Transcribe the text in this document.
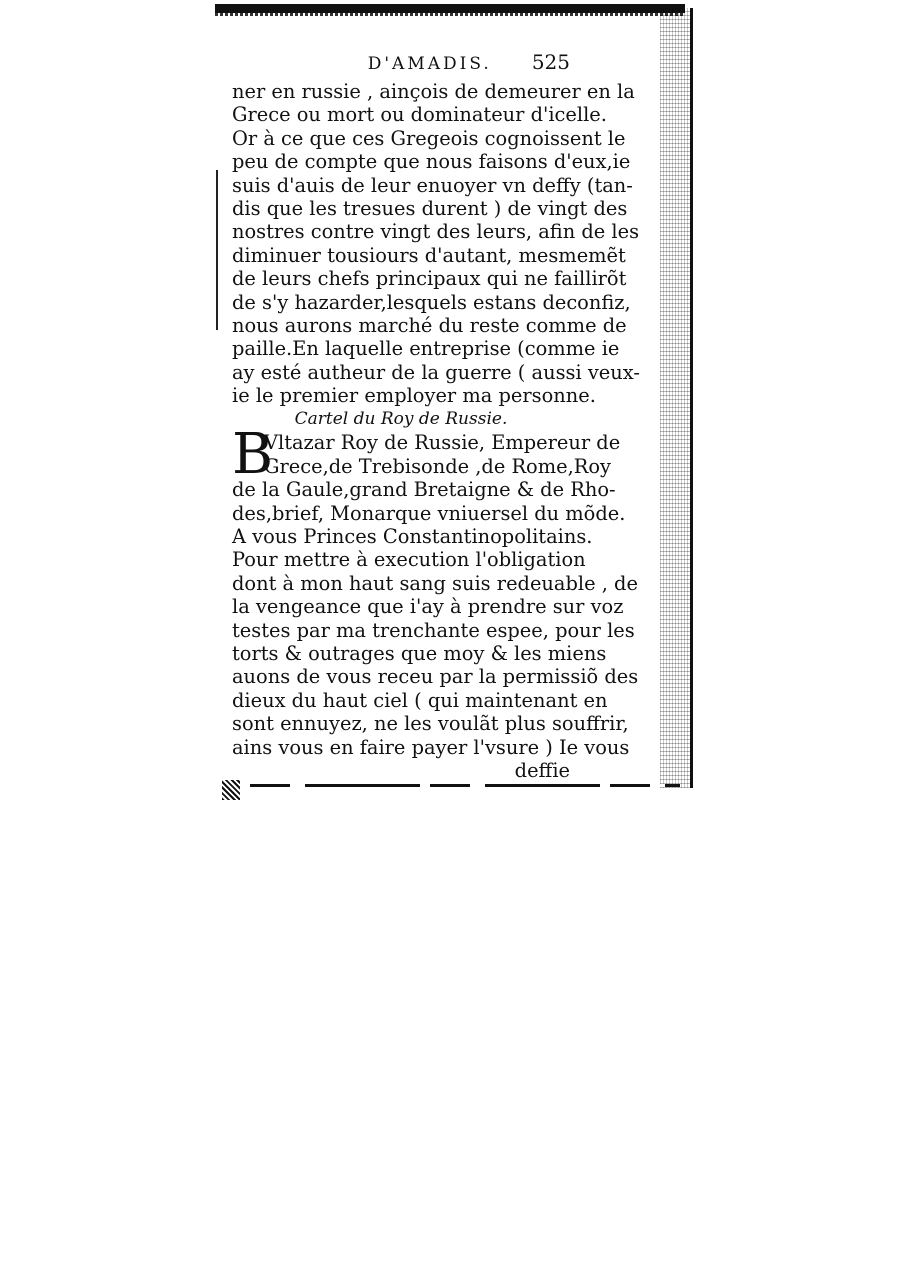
D'AMADIS. 525
ner en russie , ainçois de demeurer en la
Grece ou mort ou dominateur d'icelle.
Or à ce que ces Gregeois cognoissent le
peu de compte que nous faisons d'eux,ie
suis d'auis de leur enuoyer vn deffy (tan-
dis que les tresues durent ) de vingt des
nostres contre vingt des leurs, afin de les
diminuer tousiours d'autant, mesmemẽt
de leurs chefs principaux qui ne faillirõt
de s'y hazarder,lesquels estans deconfiz,
nous aurons marché du reste comme de
paille.En laquelle entreprise (comme ie
ay esté autheur de la guerre ( aussi veux-
ie le premier employer ma personne.
Cartel du Roy de Russie.
B
Vltazar Roy de Russie, Empereur de
Grece,de Trebisonde ,de Rome,Roy
de la Gaule,grand Bretaigne & de Rho-
des,brief, Monarque vniuersel du mõde.
A vous Princes Constantinopolitains.
Pour mettre à execution l'obligation
dont à mon haut sang suis redeuable , de
la vengeance que i'ay à prendre sur voz
testes par ma trenchante espee, pour les
torts & outrages que moy & les miens
auons de vous receu par la permissiõ des
dieux du haut ciel ( qui maintenant en
sont ennuyez, ne les voulãt plus souffrir,
ains vous en faire payer l'vsure ) Ie vous
deffie
